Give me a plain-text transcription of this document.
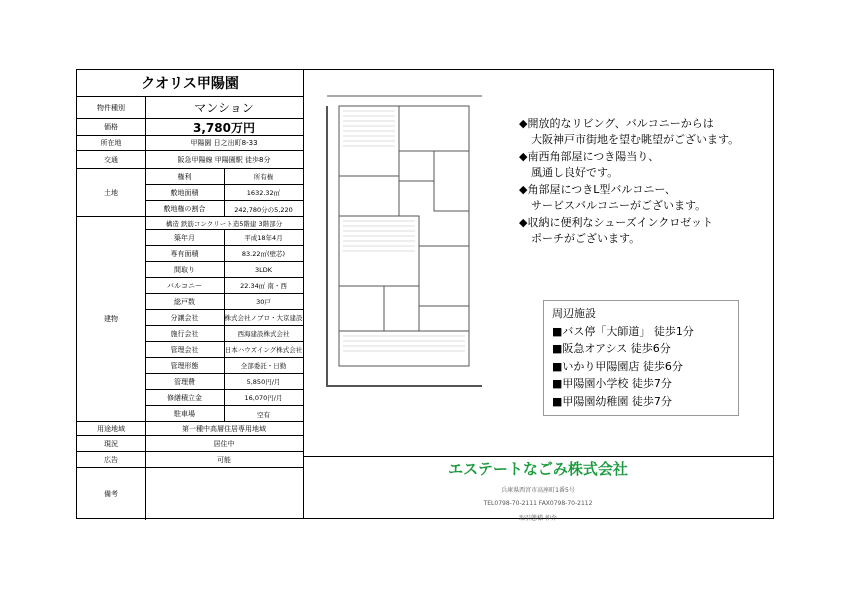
クオリス甲陽園
物件種別	マンション
価格	3,780万円
所在地	甲陽園 日之出町8-33
交通	阪急甲陽線 甲陽園駅 徒歩8分
土地
権利	所有権
敷地面積	1632.32㎡
敷地権の割合	242,780分の5,220
建物
構造 鉄筋コンクリート造5階建 3階部分
築年月	平成18年4月
専有面積	83.22㎡(壁芯)
間取り	3LDK
バルコニー	22.34㎡ 南・西
総戸数	30戸
分譲会社	株式会社ノブロ・大京建設
施行会社	西海建設株式会社
管理会社	日本ハウズイング株式会社
管理形態	全部委託・日勤
管理費	5,850円/月
修繕積立金	16,070円/月
駐車場	空有
用途地域	第一種中高層住居専用地域
現況	居住中
広告	可能
備考

◆開放的なリビング、バルコニーからは
大阪神戸市街地を望む眺望がございます。

◆南西角部屋につき陽当り、
風通し良好です。

◆角部屋につきL型バルコニー、
サービスバルコニーがございます。

◆収納に便利なシューズインクロゼット
ポーチがございます。

周辺施設
■バス停「大師道」 徒歩1分
■阪急オアシス 徒歩6分
■いかり甲陽園店 徒歩6分
■甲陽園小学校 徒歩7分
■甲陽園幼稚園 徒歩7分
エステートなごみ株式会社
兵庫県西宮市高座町1番5号
TEL0798-70-2111 FAX0798-70-2112
取引態様 仲介
